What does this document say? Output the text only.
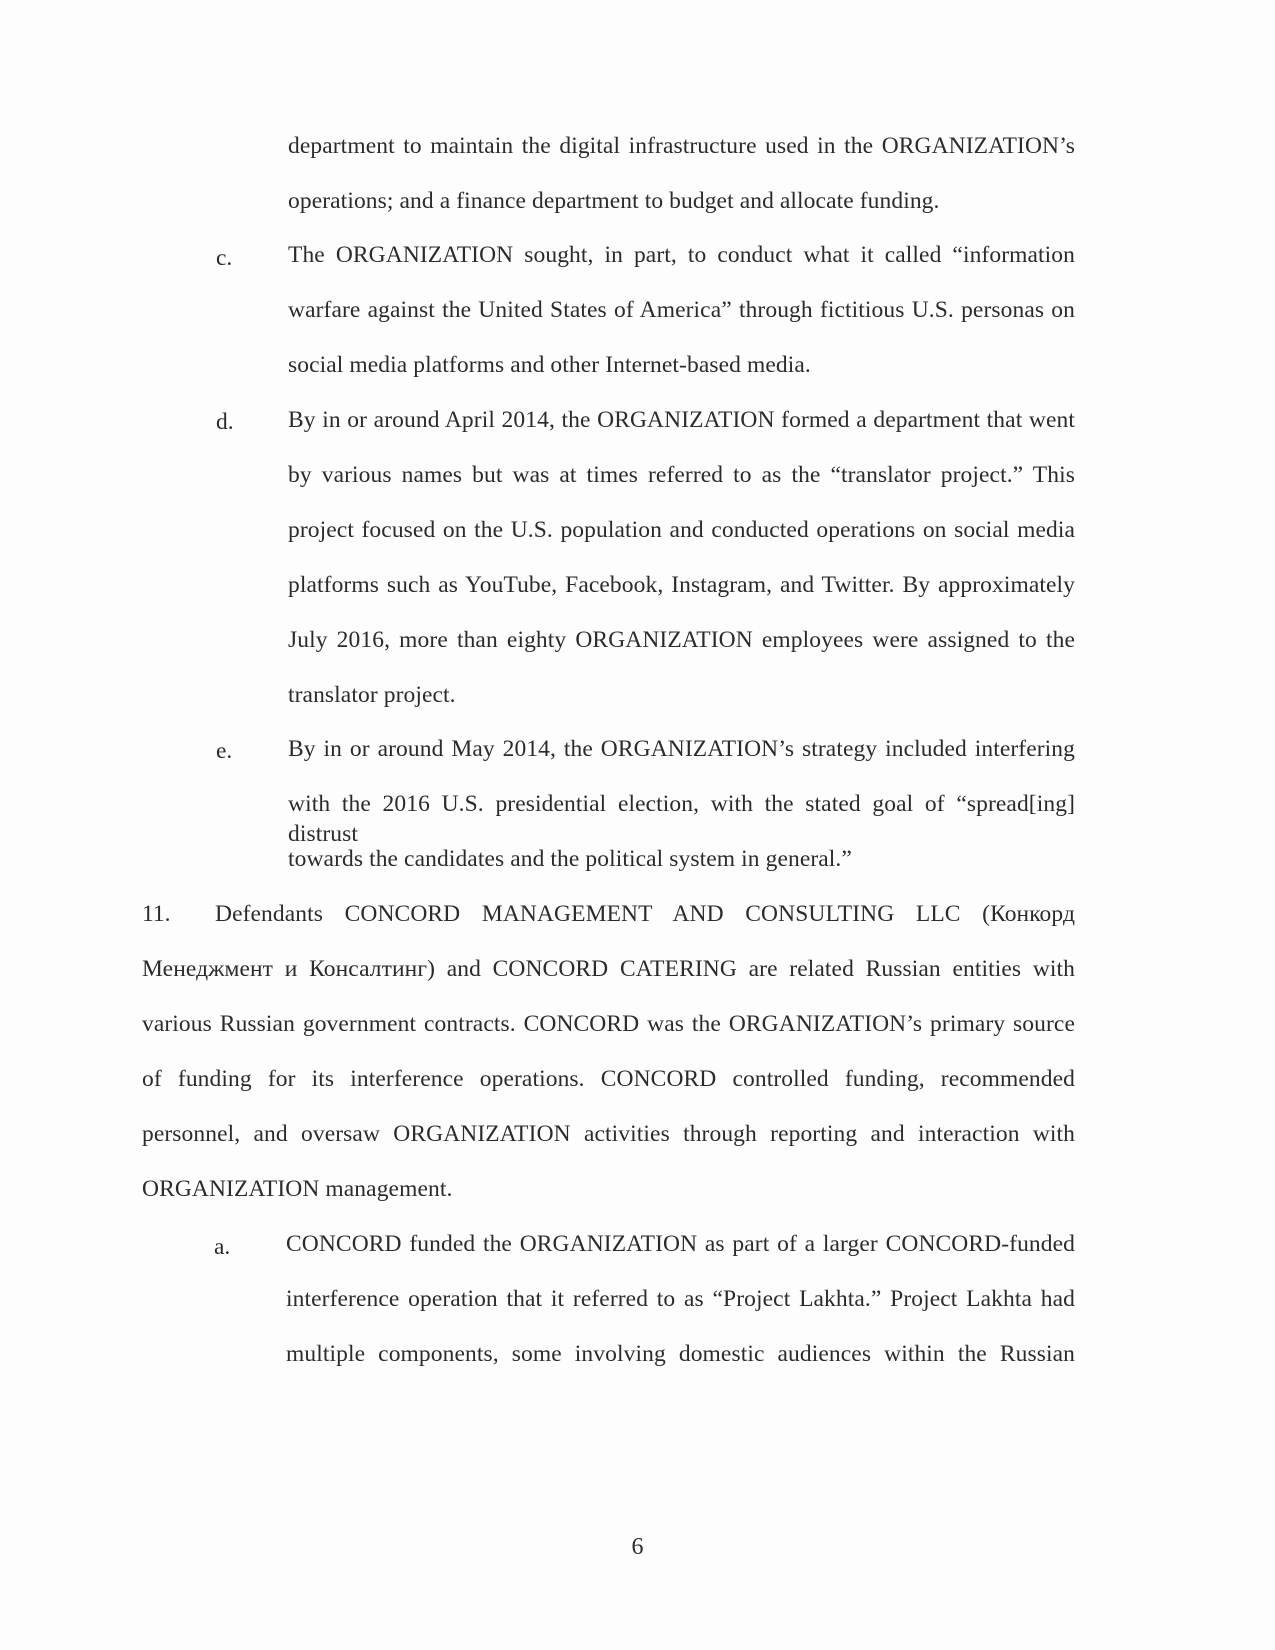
department to maintain the digital infrastructure used in the ORGANIZATION’s
operations; and a finance department to budget and allocate funding.
c. The ORGANIZATION sought, in part, to conduct what it called “information
warfare against the United States of America” through fictitious U.S. personas on
social media platforms and other Internet-based media.
d. By in or around April 2014, the ORGANIZATION formed a department that went
by various names but was at times referred to as the “translator project.” This
project focused on the U.S. population and conducted operations on social media
platforms such as YouTube, Facebook, Instagram, and Twitter. By approximately
July 2016, more than eighty ORGANIZATION employees were assigned to the
translator project.
e. By in or around May 2014, the ORGANIZATION’s strategy included interfering
with the 2016 U.S. presidential election, with the stated goal of “spread[ing] distrust
towards the candidates and the political system in general.”
11. Defendants CONCORD MANAGEMENT AND CONSULTING LLC (Конкорд
Менеджмент и Консалтинг) and CONCORD CATERING are related Russian entities with
various Russian government contracts. CONCORD was the ORGANIZATION’s primary source
of funding for its interference operations. CONCORD controlled funding, recommended
personnel, and oversaw ORGANIZATION activities through reporting and interaction with
ORGANIZATION management.
a. CONCORD funded the ORGANIZATION as part of a larger CONCORD-funded
interference operation that it referred to as “Project Lakhta.” Project Lakhta had
multiple components, some involving domestic audiences within the Russian
6
